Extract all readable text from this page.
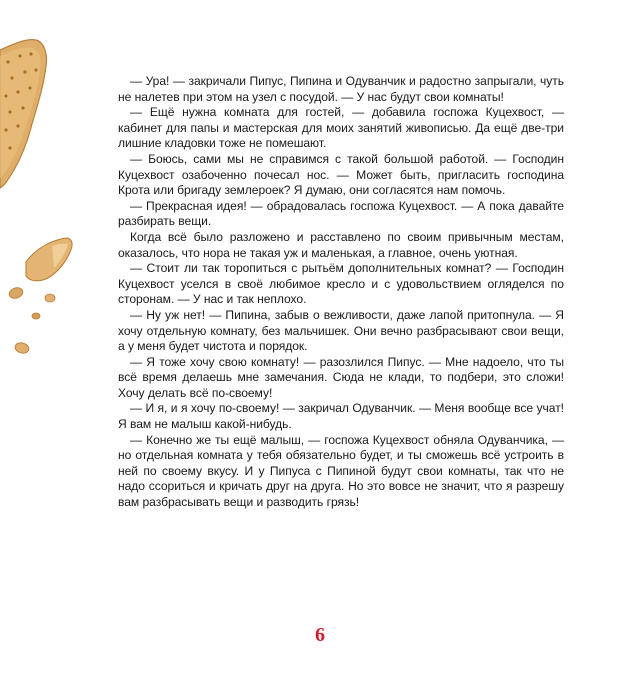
— Ура! — закричали Пипус, Пипина и Одуванчик и радостно запрыгали, чуть не налетев при этом на узел с посудой. — У нас будут свои комнаты!

— Ещё нужна комната для гостей, — добавила госпожа Куцехвост, — кабинет для папы и мастерская для моих занятий живописью. Да ещё две-три лишние кладовки тоже не помешают.

— Боюсь, сами мы не справимся с такой большой работой. — Господин Куцехвост озабоченно почесал нос. — Может быть, пригласить господина Крота или бригаду землероек? Я думаю, они согласятся нам помочь.

— Прекрасная идея! — обрадовалась госпожа Куцехвост. — А пока давайте разбирать вещи.

Когда всё было разложено и расставлено по своим привычным местам, оказалось, что нора не такая уж и маленькая, а главное, очень уютная.

— Стоит ли так торопиться с рытьём дополнительных комнат? — Господин Куцехвост уселся в своё любимое кресло и с удовольствием огляделся по сторонам. — У нас и так неплохо.

— Ну уж нет! — Пипина, забыв о вежливости, даже лапой притопнула. — Я хочу отдельную комнату, без мальчишек. Они вечно разбрасывают свои вещи, а у меня будет чистота и порядок.

— Я тоже хочу свою комнату! — разозлился Пипус. — Мне надоело, что ты всё время делаешь мне замечания. Сюда не клади, то подбери, это сложи! Хочу делать всё по-своему!

— И я, и я хочу по-своему! — закричал Одуванчик. — Меня вообще все учат! Я вам не малыш какой-нибудь.

— Конечно же ты ещё малыш, — госпожа Куцехвост обняла Одуванчика, — но отдельная комната у тебя обязательно будет, и ты сможешь всё устроить в ней по своему вкусу. И у Пипуса с Пипиной будут свои комнаты, так что не надо ссориться и кричать друг на друга. Но это вовсе не значит, что я разрешу вам разбрасывать вещи и разводить грязь!

6
